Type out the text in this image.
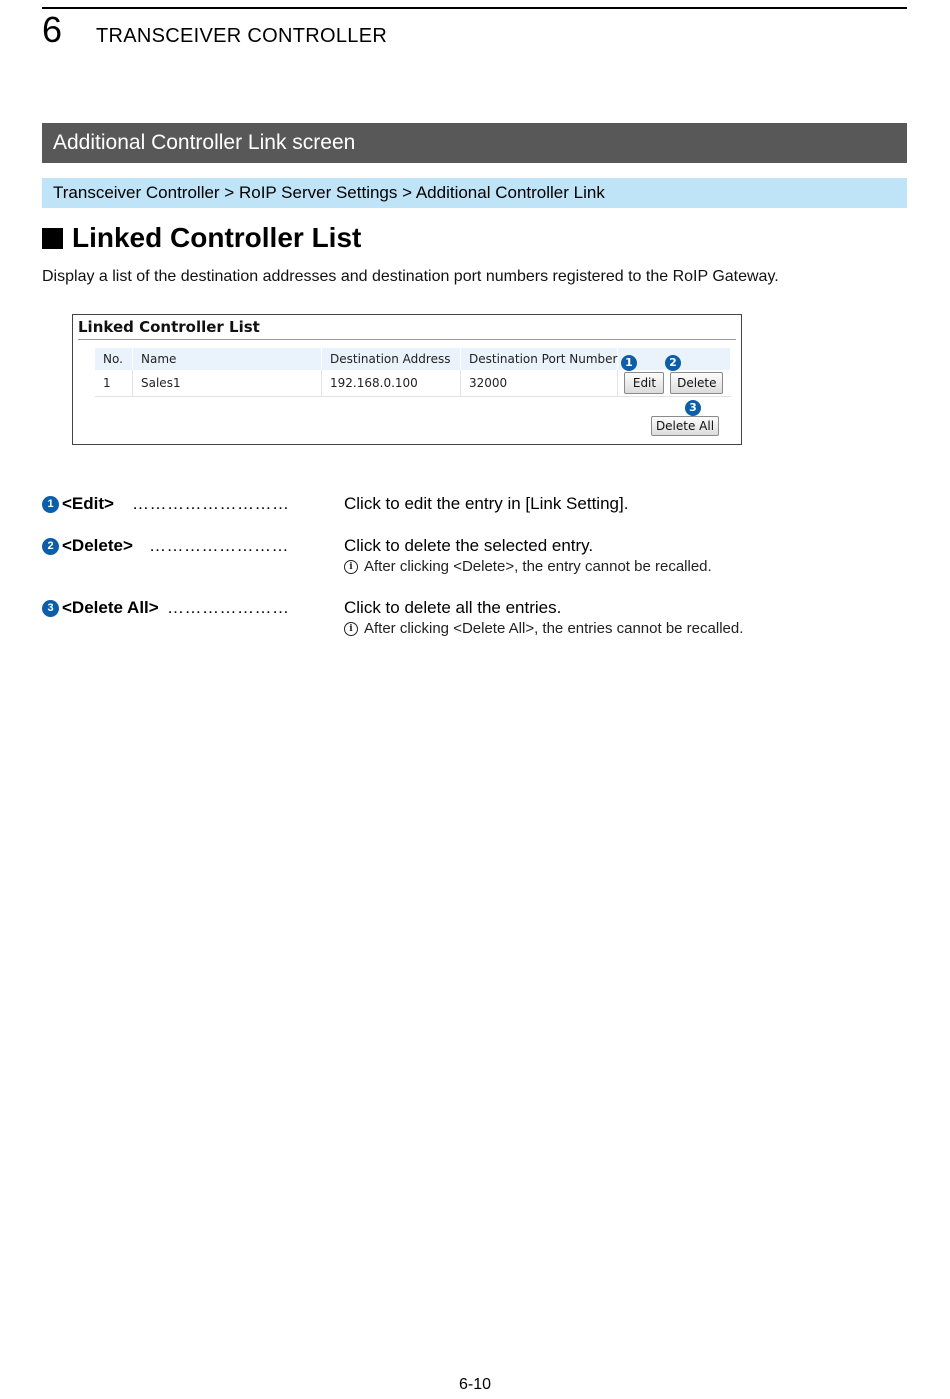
6 TRANSCEIVER CONTROLLER
Additional Controller Link screen
Transceiver Controller > RoIP Server Settings > Additional Controller Link
Linked Controller List
Display a list of the destination addresses and destination port numbers registered to the RoIP Gateway.
Linked Controller List
No.	Name	Destination Address	Destination Port Number	
1	Sales1	192.168.0.100	32000	Edit Delete
Delete All
1	2
3
1 <Edit> ………………………	Click to edit the entry in [Link Setting].
2 <Delete> ……………………	Click to delete the selected entry.
i After clicking <Delete>, the entry cannot be recalled.
3 <Delete All> …………………	Click to delete all the entries.
i After clicking <Delete All>, the entries cannot be recalled.
6-10
